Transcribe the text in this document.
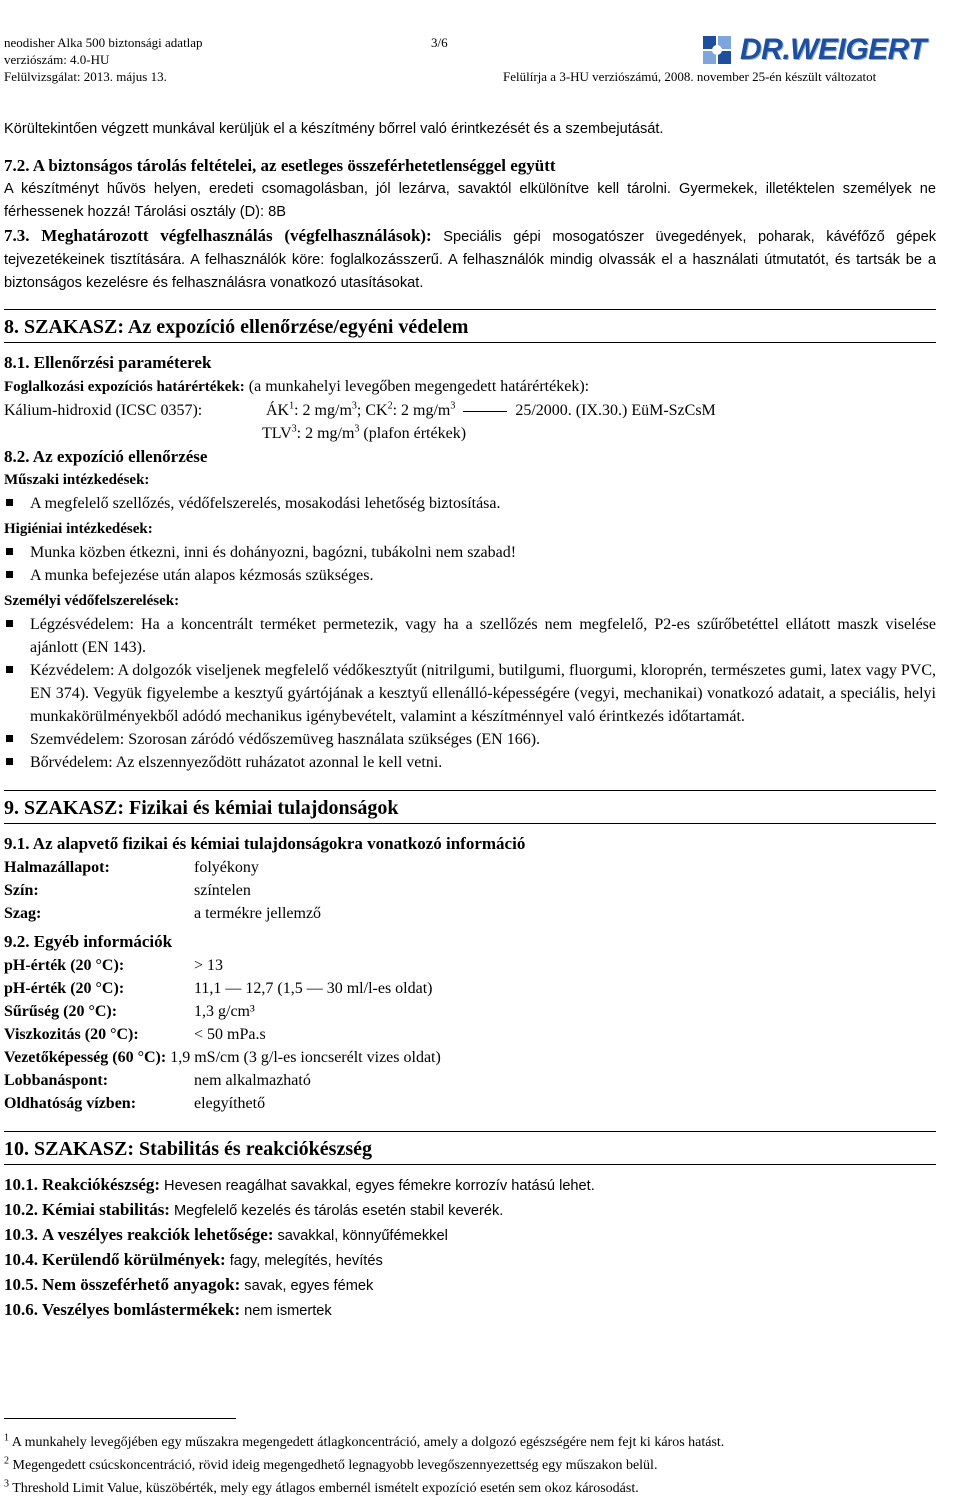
neodisher Alka 500 biztonsági adatlap
verziószám: 4.0-HU
Felülvizsgálat: 2013. május 13.
3/6
Felülírja a 3-HU verziószámú, 2008. november 25-én készült változatot
DR.WEIGERT

Körültekintően végzett munkával kerüljük el a készítmény bőrrel való érintkezését és a szembejutását.

7.2. A biztonságos tárolás feltételei, az esetleges összeférhetetlenséggel együtt

A készítményt hűvös helyen, eredeti csomagolásban, jól lezárva, savaktól elkülönítve kell tárolni. Gyermekek, illetéktelen személyek ne férhessenek hozzá! Tárolási osztály (D): 8B

7.3. Meghatározott végfelhasználás (végfelhasználások): Speciális gépi mosogatószer üvegedények, poharak, kávéfőző gépek tejvezetékeinek tisztítására. A felhasználók köre: foglalkozásszerű. A felhasználók mindig olvassák el a használati útmutatót, és tartsák be a biztonságos kezelésre és felhasználásra vonatkozó utasításokat.

8. SZAKASZ: Az expozíció ellenőrzése/egyéni védelem

8.1. Ellenőrzési paraméterek

Foglalkozási expozíciós határértékek: (a munkahelyi levegőben megengedett határértékek):

Kálium-hidroxid (ICSC 0357):	$ÁK^1$: 2 $mg/m^3$; $CK^2$: 2 $mg/m^3$	25/2000. (IX.30.) EüM-SzCsM
TLV$^3$: 2 $mg/m^3$ (plafon értékek)

8.2. Az expozíció ellenőrzése

Műszaki intézkedések:

A megfelelő szellőzés, védőfelszerelés, mosakodási lehetőség biztosítása.

Higiéniai intézkedések:

Munka közben étkezni, inni és dohányozni, bagózni, tubákolni nem szabad!
A munka befejezése után alapos kézmosás szükséges.

Személyi védőfelszerelések:

Légzésvédelem: Ha a koncentrált terméket permetezik, vagy ha a szellőzés nem megfelelő, P2-es szűrőbetéttel ellátott maszk viselése ajánlott (EN 143).
Kézvédelem: A dolgozók viseljenek megfelelő védőkesztyűt (nitrilgumi, butilgumi, fluorgumi, kloroprén, természetes gumi, latex vagy PVC, EN 374). Vegyük figyelembe a kesztyű gyártójának a kesztyű ellenálló-képességére (vegyi, mechanikai) vonatkozó adatait, a speciális, helyi munkakörülményekből adódó mechanikus igénybevételt, valamint a készítménnyel való érintkezés időtartamát.
Szemvédelem: Szorosan záródó védőszemüveg használata szükséges (EN 166).
Bőrvédelem: Az elszennyeződött ruházatot azonnal le kell vetni.
9. SZAKASZ: Fizikai és kémiai tulajdonságok

9.1. Az alapvető fizikai és kémiai tulajdonságokra vonatkozó információ

Halmazállapot:	folyékony
Szín:	színtelen
Szag:	a termékre jellemző

9.2. Egyéb információk

pH-érték (20 °C):	> 13
pH-érték (20 °C):	11,1 ― 12,7 (1,5 ― 30 ml/l-es oldat)
Sűrűség (20 °C):	1,3 g/cm³
Viszkozitás (20 °C):	< 50 mPa.s
Vezetőképesség (60 °C): 1,9 mS/cm (3 g/l-es ioncserélt vizes oldat)
Lobbanáspont:	nem alkalmazható
Oldhatóság vízben:	elegyíthető
10. SZAKASZ: Stabilitás és reakciókészség
10.1. Reakciókészség: Hevesen reagálhat savakkal, egyes fémekre korrozív hatású lehet.
10.2. Kémiai stabilitás: Megfelelő kezelés és tárolás esetén stabil keverék.
10.3. A veszélyes reakciók lehetősége: savakkal, könnyűfémekkel
10.4. Kerülendő körülmények: fagy, melegítés, hevítés
10.5. Nem összeférhető anyagok: savak, egyes fémek
10.6. Veszélyes bomlástermékek: nem ismertek
$^1$ A munkahely levegőjében egy műszakra megengedett átlagkoncentráció, amely a dolgozó egészségére nem fejt ki káros hatást.
$^2$ Megengedett csúcskoncentráció, rövid ideig megengedhető legnagyobb levegőszennyezettség egy műszakon belül.
$^3$ Threshold Limit Value, küszöbérték, mely egy átlagos embernél ismételt expozíció esetén sem okoz károsodást.
